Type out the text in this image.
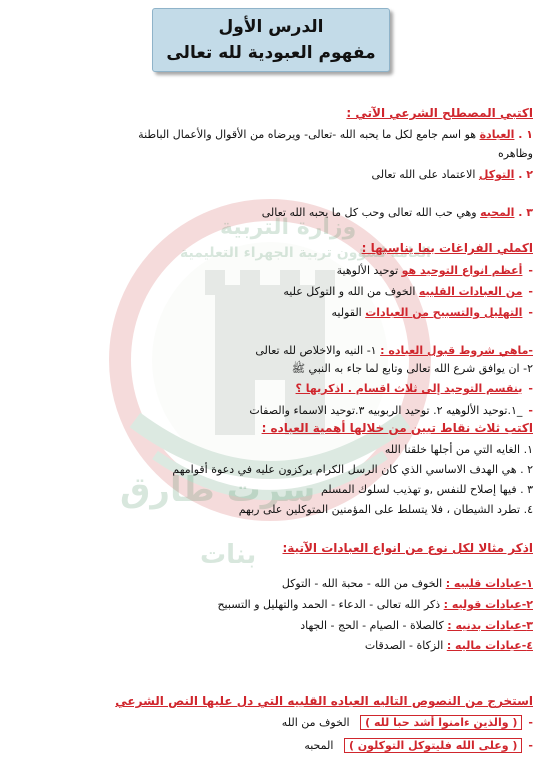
وزارة التربية
العامة لشؤون تربية الجهراء التعليمية
سرت طارق
بنات
الدرس الأول
مفهوم العبودية لله تعالى
اكتبي المصطلح الشرعي الآتي :
١ . العبادة هو اسم جامع لكل ما يحبه الله -تعالى- ويرضاه من الأقوال والأعمال الباطنة
وظاهره
٢ . التوكل الاعتماد على الله تعالى
٣ . المحبه وهي حب الله تعالى وحب كل ما يحبه الله تعالى
اكملي الفراغات بما يناسبها :
-أعظم انواع التوحيد هو توحيد الألوهية
-من العبادات القلبيه الخوف من الله و التوكل عليه
-التهليل والتسبيح من العبادات القوليه
-ماهي شروط قبول العباده : ١- النيه والاخلاص لله تعالى
٢- ان يوافق شرع الله تعالى وتابع لما جاء به النبي ﷺ
-ينقسم التوحيد إلى ثلاث اقسام . اذكريها ؟
-_١.توحيد الألوهيه ٢. توحيد الربوبيه ٣.توحيد الاسماء والصفات
اكتب ثلاث نقاط تبين من خلالها أهمية العباده :
١. الغايه التي من أجلها خلقنا الله
٢ . هي الهدف الاساسي الذي كان الرسل الكرام يركزون عليه في دعوة أقوامهم
٣ . فيها إصلاح للنفس ,و تهذيب لسلوك المسلم
٤. تطرد الشيطان ، فلا يتسلط على المؤمنين المتوكلين على ربهم
اذكر مثالا لكل نوع من انواع العبادات الآتية:
١-عبادات قلبيه : الخوف من الله - محبة الله - التوكل
٢-عبادات قوليه : ذكر الله تعالى - الدعاء - الحمد والتهليل و التسبيح
٣-عبادات بدنيه : كالصلاة - الصيام - الحج - الجهاد
٤-عبادات ماليه : الزكاة - الصدقات
استخرج من النصوص التاليه العباده القلبيه التي دل عليها النص الشرعي
-( والذين ءامنوا أشد حبا لله )   الخوف من الله
-( وعلى الله فليتوكل التوكلون )   المحبه
